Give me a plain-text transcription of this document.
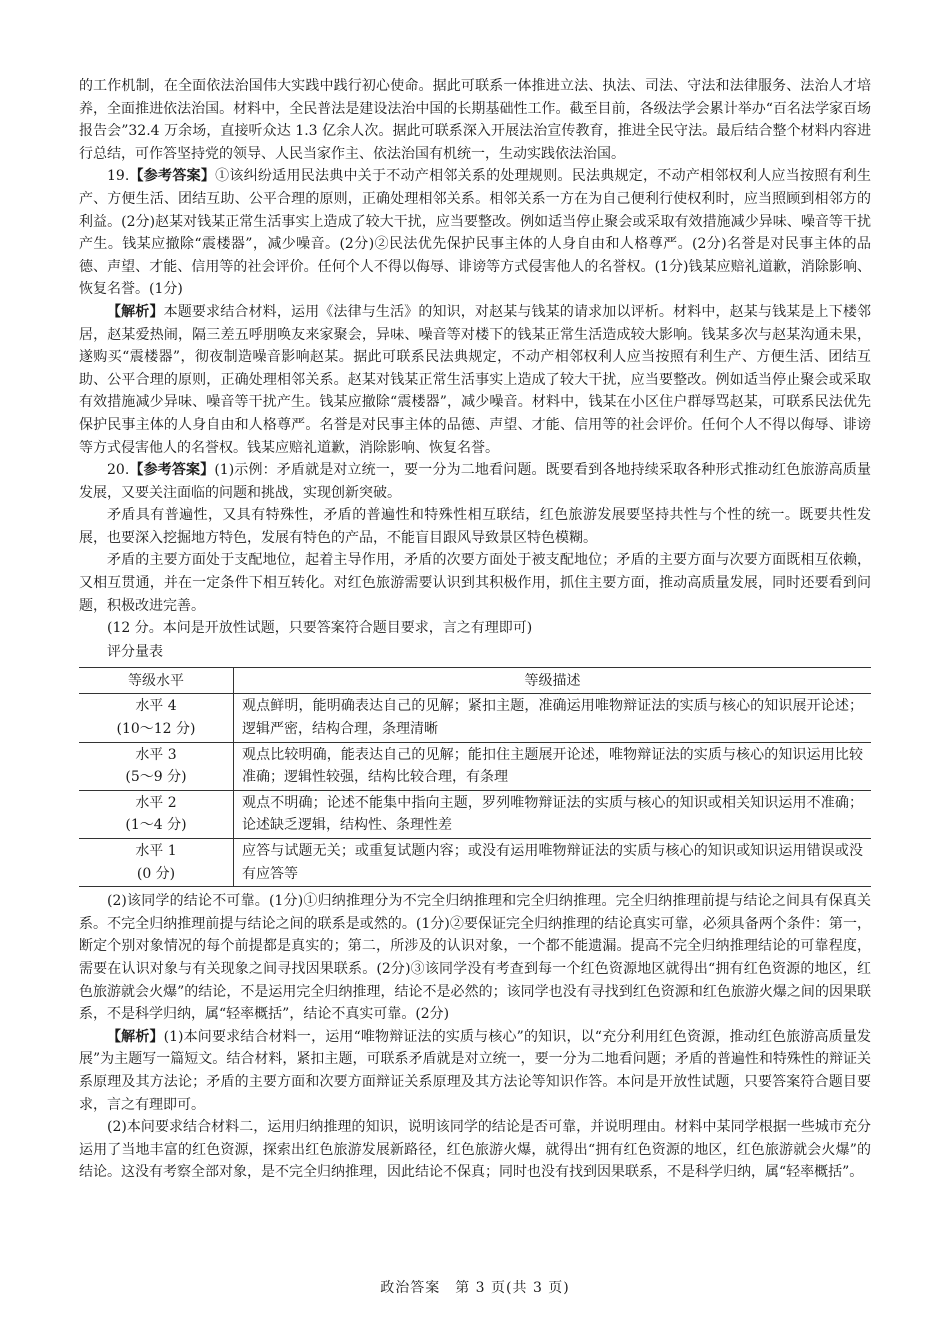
的工作机制，在全面依法治国伟大实践中践行初心使命。据此可联系一体推进立法、执法、司法、守法和法律服务、法治人才培养，全面推进依法治国。材料中，全民普法是建设法治中国的长期基础性工作。截至目前，各级法学会累计举办“百名法学家百场报告会”32.4 万余场，直接听众达 1.3 亿余人次。据此可联系深入开展法治宣传教育，推进全民守法。最后结合整个材料内容进行总结，可作答坚持党的领导、人民当家作主、依法治国有机统一，生动实践依法治国。

19.【参考答案】①该纠纷适用民法典中关于不动产相邻关系的处理规则。民法典规定，不动产相邻权利人应当按照有利生产、方便生活、团结互助、公平合理的原则，正确处理相邻关系。相邻关系一方在为自己便利行使权利时，应当照顾到相邻方的利益。(2分)赵某对钱某正常生活事实上造成了较大干扰，应当要整改。例如适当停止聚会或采取有效措施减少异味、噪音等干扰产生。钱某应撤除“震楼器”，减少噪音。(2分)②民法优先保护民事主体的人身自由和人格尊严。(2分)名誉是对民事主体的品德、声望、才能、信用等的社会评价。任何个人不得以侮辱、诽谤等方式侵害他人的名誉权。(1分)钱某应赔礼道歉，消除影响、恢复名誉。(1分)

【解析】本题要求结合材料，运用《法律与生活》的知识，对赵某与钱某的请求加以评析。材料中，赵某与钱某是上下楼邻居，赵某爱热闹，隔三差五呼朋唤友来家聚会，异味、噪音等对楼下的钱某正常生活造成较大影响。钱某多次与赵某沟通未果，遂购买“震楼器”，彻夜制造噪音影响赵某。据此可联系民法典规定，不动产相邻权利人应当按照有利生产、方便生活、团结互助、公平合理的原则，正确处理相邻关系。赵某对钱某正常生活事实上造成了较大干扰，应当要整改。例如适当停止聚会或采取有效措施减少异味、噪音等干扰产生。钱某应撤除“震楼器”，减少噪音。材料中，钱某在小区住户群辱骂赵某，可联系民法优先保护民事主体的人身自由和人格尊严。名誉是对民事主体的品德、声望、才能、信用等的社会评价。任何个人不得以侮辱、诽谤等方式侵害他人的名誉权。钱某应赔礼道歉，消除影响、恢复名誉。

20.【参考答案】(1)示例：矛盾就是对立统一，要一分为二地看问题。既要看到各地持续采取各种形式推动红色旅游高质量发展，又要关注面临的问题和挑战，实现创新突破。

矛盾具有普遍性，又具有特殊性，矛盾的普遍性和特殊性相互联结，红色旅游发展要坚持共性与个性的统一。既要共性发展，也要深入挖掘地方特色，发展有特色的产品，不能盲目跟风导致景区特色模糊。

矛盾的主要方面处于支配地位，起着主导作用，矛盾的次要方面处于被支配地位；矛盾的主要方面与次要方面既相互依赖，又相互贯通，并在一定条件下相互转化。对红色旅游需要认识到其积极作用，抓住主要方面，推动高质量发展，同时还要看到问题，积极改进完善。

(12 分。本问是开放性试题，只要答案符合题目要求，言之有理即可)

评分量表

等级水平	等级描述

水平 4
(10～12 分)	观点鲜明，能明确表达自己的见解；紧扣主题，准确运用唯物辩证法的实质与核心的知识展开论述；逻辑严密，结构合理，条理清晰

水平 3
(5～9 分)	观点比较明确，能表达自己的见解；能扣住主题展开论述，唯物辩证法的实质与核心的知识运用比较准确；逻辑性较强，结构比较合理，有条理

水平 2
(1～4 分)	观点不明确；论述不能集中指向主题，罗列唯物辩证法的实质与核心的知识或相关知识运用不准确；论述缺乏逻辑，结构性、条理性差

水平 1
(0 分)	应答与试题无关；或重复试题内容；或没有运用唯物辩证法的实质与核心的知识或知识运用错误或没有应答等

(2)该同学的结论不可靠。(1分)①归纳推理分为不完全归纳推理和完全归纳推理。完全归纳推理前提与结论之间具有保真关系。不完全归纳推理前提与结论之间的联系是或然的。(1分)②要保证完全归纳推理的结论真实可靠，必须具备两个条件：第一，断定个别对象情况的每个前提都是真实的；第二，所涉及的认识对象，一个都不能遗漏。提高不完全归纳推理结论的可靠程度，需要在认识对象与有关现象之间寻找因果联系。(2分)③该同学没有考查到每一个红色资源地区就得出“拥有红色资源的地区，红色旅游就会火爆”的结论，不是运用完全归纳推理，结论不是必然的；该同学也没有寻找到红色资源和红色旅游火爆之间的因果联系，不是科学归纳，属“轻率概括”，结论不真实可靠。(2分)

【解析】(1)本问要求结合材料一，运用“唯物辩证法的实质与核心”的知识，以“充分利用红色资源，推动红色旅游高质量发展”为主题写一篇短文。结合材料，紧扣主题，可联系矛盾就是对立统一，要一分为二地看问题；矛盾的普遍性和特殊性的辩证关系原理及其方法论；矛盾的主要方面和次要方面辩证关系原理及其方法论等知识作答。本问是开放性试题，只要答案符合题目要求，言之有理即可。

(2)本问要求结合材料二，运用归纳推理的知识，说明该同学的结论是否可靠，并说明理由。材料中某同学根据一些城市充分运用了当地丰富的红色资源，探索出红色旅游发展新路径，红色旅游火爆，就得出“拥有红色资源的地区，红色旅游就会火爆”的结论。这没有考察全部对象，是不完全归纳推理，因此结论不保真；同时也没有找到因果联系，不是科学归纳，属“轻率概括”。

政治答案　第 3 页(共 3 页)
